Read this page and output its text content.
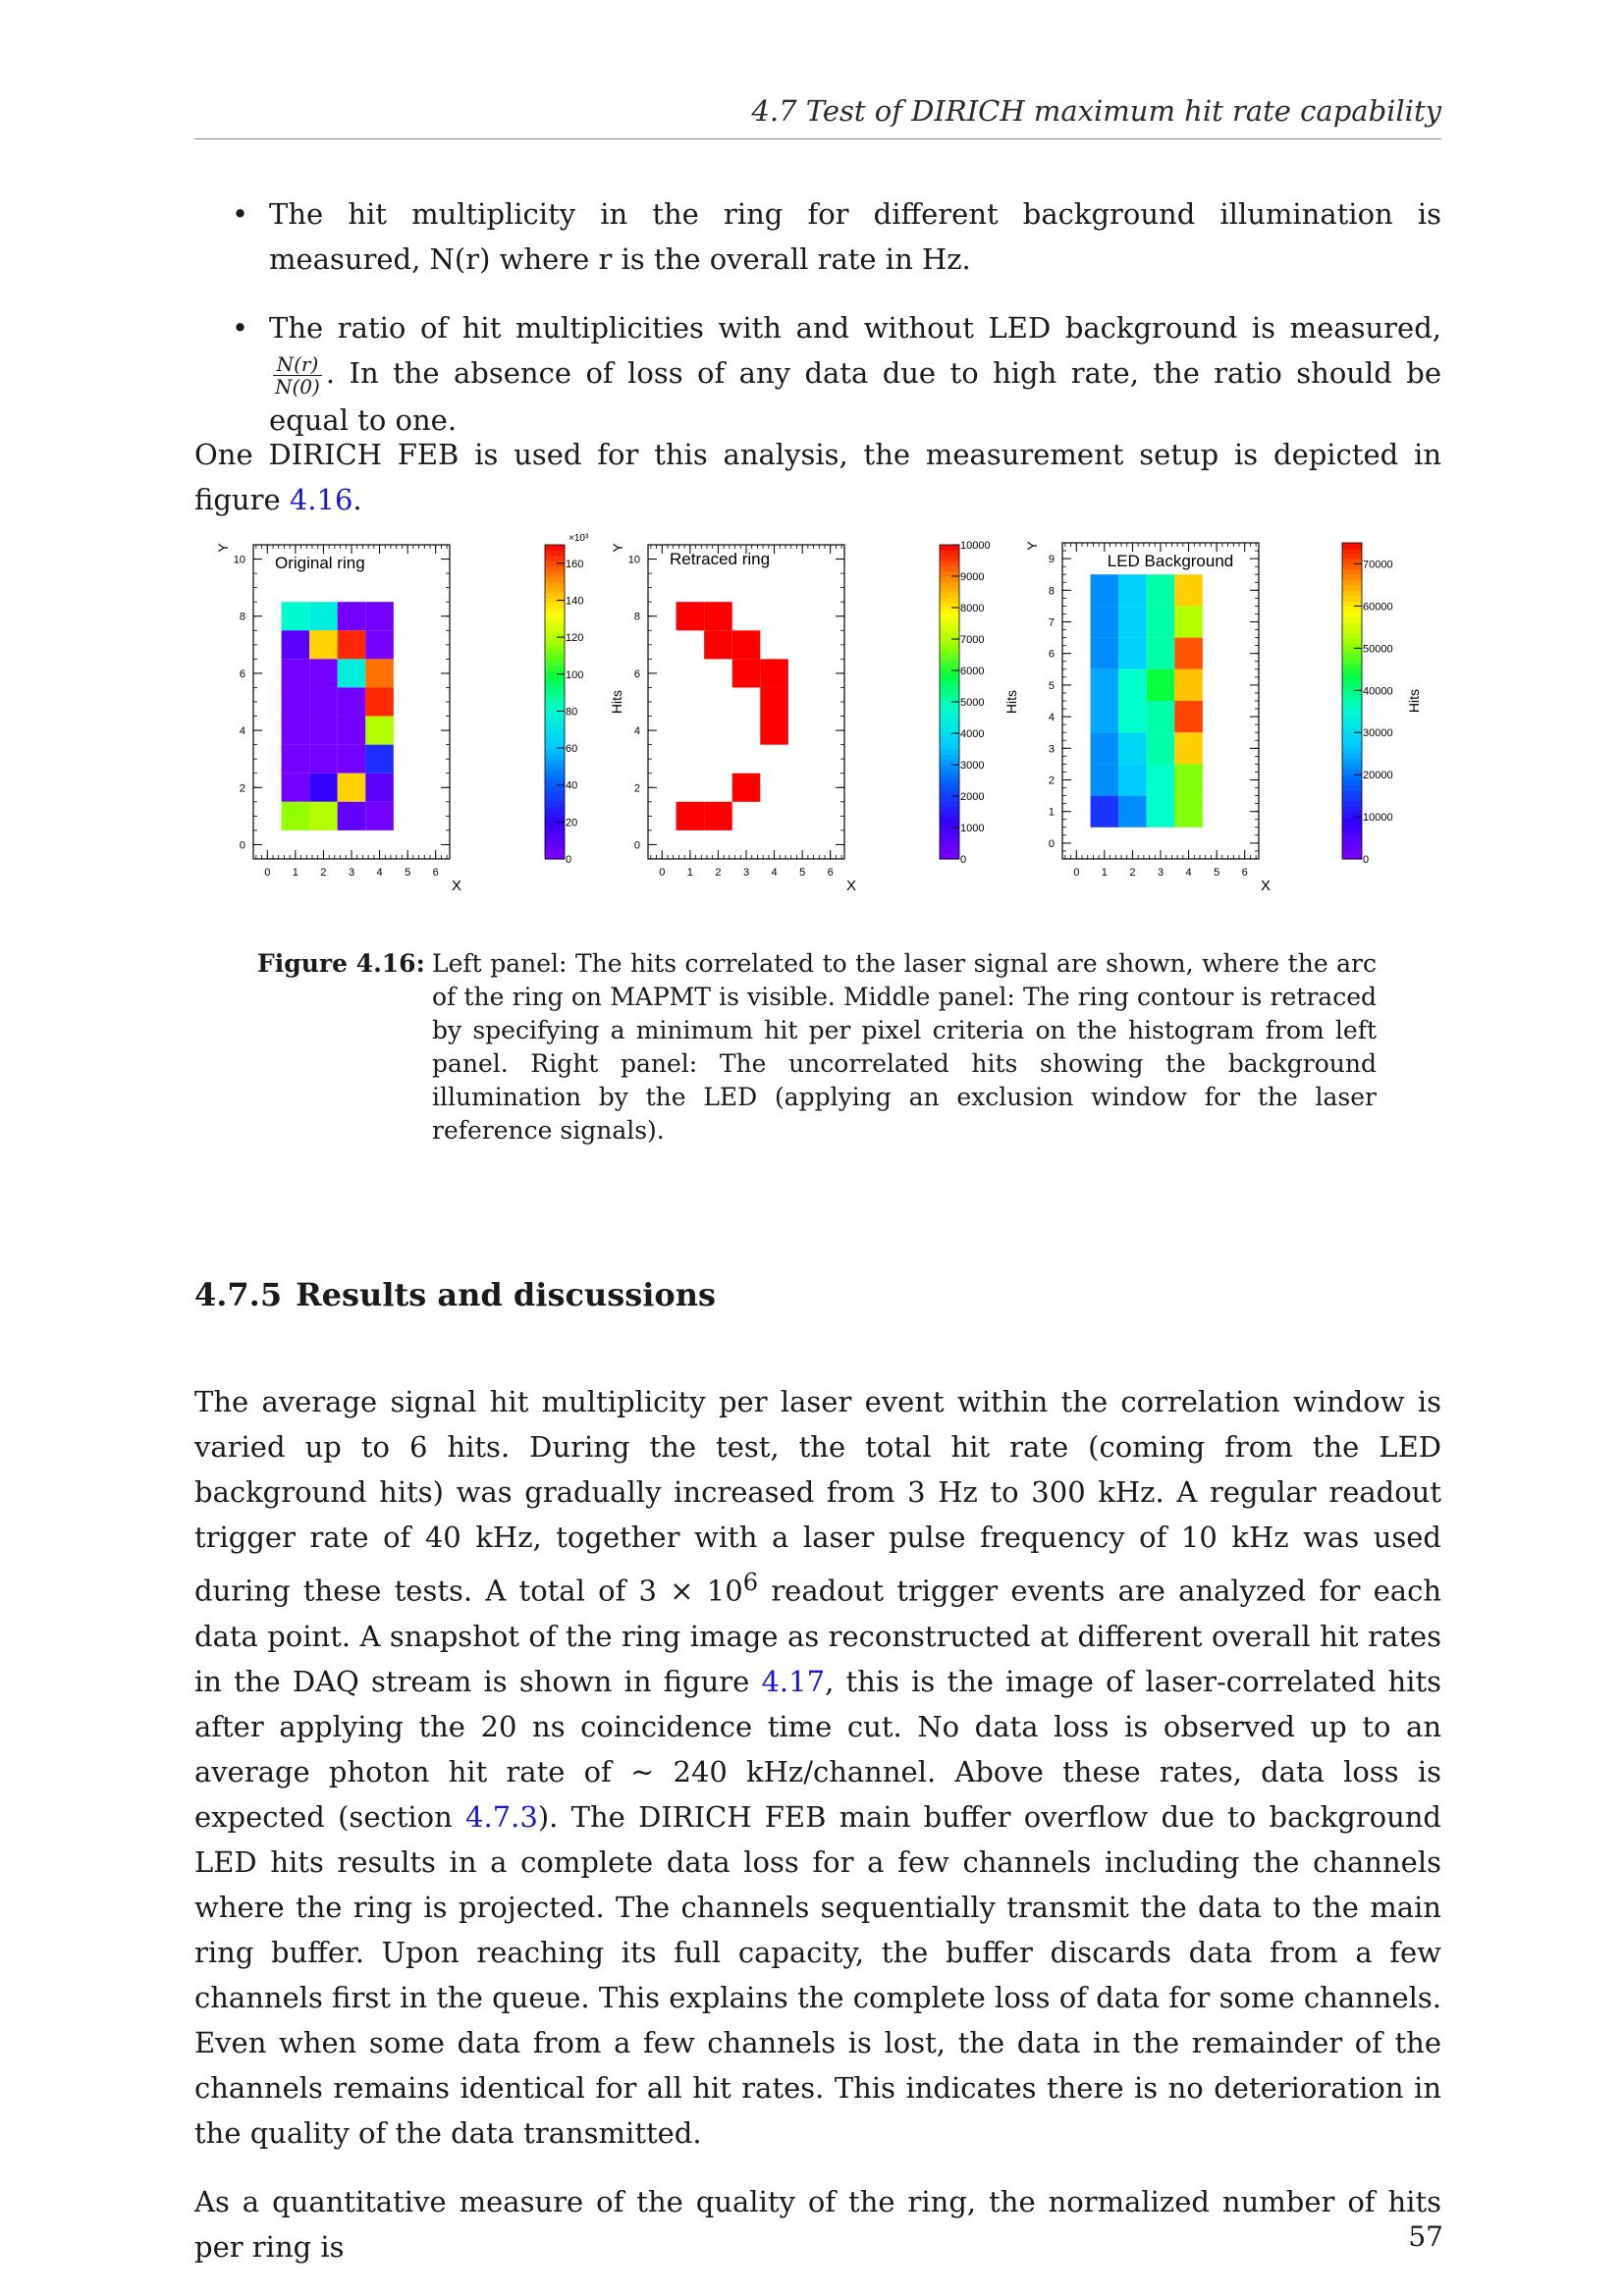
4.7 Test of DIRICH maximum hit rate capability
• The hit multiplicity in the ring for different background illumination is measured, N(r) where r is the overall rate in Hz.
• The ratio of hit multiplicities with and without LED background is measured,
$\frac{N(r)}{N(0)}$ . In the absence of loss of any data due to high rate, the ratio should be equal to one.
One DIRICH FEB is used for this analysis, the measurement setup is depicted in figure 4.16.
0 1 2 3 4 5 6
0
2
4
6
8
10
X
Y
Original ring
0
20
40
60
80
100
120
140
160
×10³
Hits
0 1 2 3 4 5 6
0
2
4
6
8
10
X
Y
Retraced ring
0
1000
2000
3000
4000
5000
6000
7000
8000
9000
10000
Hits
0 1 2 3 4 5 6
0
1
2
3
4
5
6
7
8
9
X
Y
LED Background
0
10000
20000
30000
40000
50000
60000
70000
Hits
Figure 4.16: Left panel: The hits correlated to the laser signal are shown, where the arc of the ring on MAPMT is visible. Middle panel: The ring contour is retraced by specifying a minimum hit per pixel criteria on the histogram from left panel. Right panel: The uncorrelated hits showing the background illumination by the LED (applying an exclusion window for the laser reference signals).
4.7.5 Results and discussions

The average signal hit multiplicity per laser event within the correlation window is varied up to 6 hits. During the test, the total hit rate (coming from the LED background hits) was gradually increased from 3 Hz to 300 kHz. A regular readout trigger rate of 40 kHz, together with a laser pulse frequency of 10 kHz was used during these tests. A total of $3 \times 10^6$ readout trigger events are analyzed for each data point. A snapshot of the ring image as reconstructed at different overall hit rates in the DAQ stream is shown in figure 4.17, this is the image of laser-correlated hits after applying the 20 ns coincidence time cut. No data loss is observed up to an average photon hit rate of ∼ 240 kHz/channel. Above these rates, data loss is expected (section 4.7.3). The DIRICH FEB main buffer overflow due to background LED hits results in a complete data loss for a few channels including the channels where the ring is projected. The channels sequentially transmit the data to the main ring buffer. Upon reaching its full capacity, the buffer discards data from a few channels first in the queue. This explains the complete loss of data for some channels. Even when some data from a few channels is lost, the data in the remainder of the channels remains identical for all hit rates. This indicates there is no deterioration in the quality of the data transmitted.

As a quantitative measure of the quality of the ring, the normalized number of hits per ring is	57
